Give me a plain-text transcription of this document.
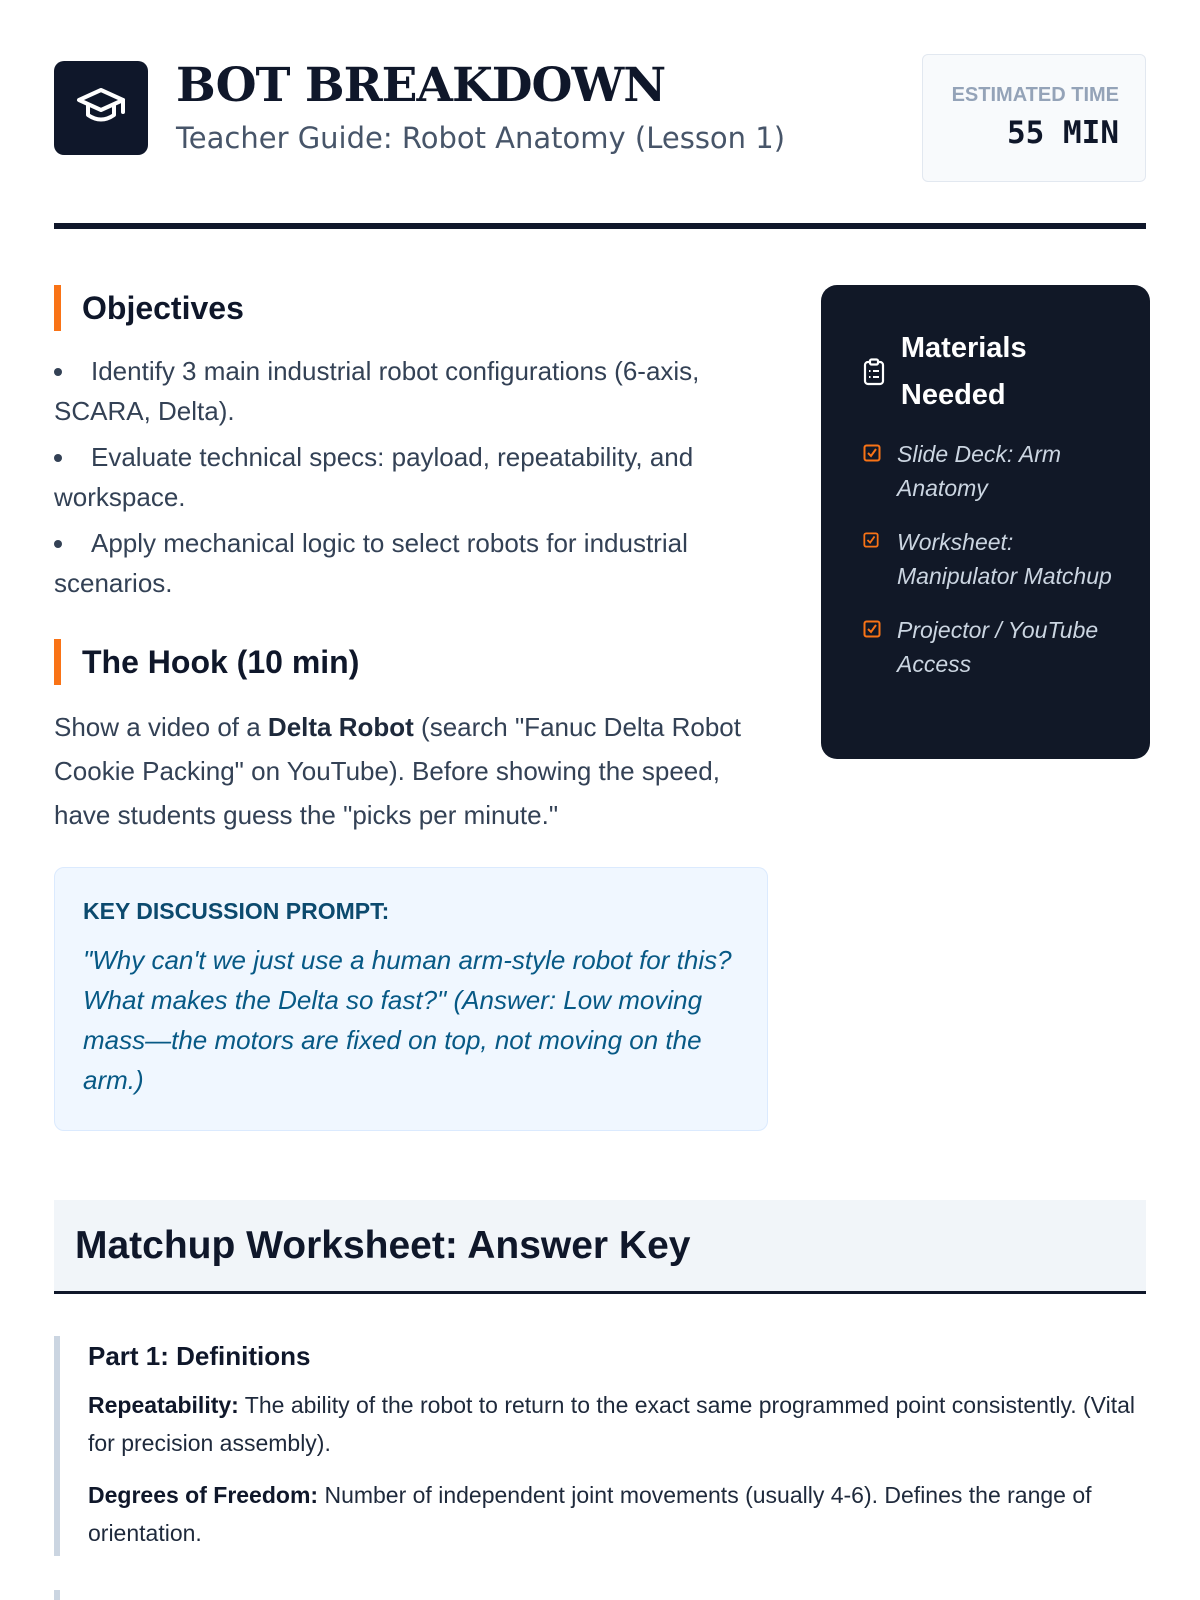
BOT BREAKDOWN
Teacher Guide: Robot Anatomy (Lesson 1)
ESTIMATED TIME
55 MIN
Objectives
Identify 3 main industrial robot configurations (6-axis, SCARA, Delta).
Evaluate technical specs: payload, repeatability, and workspace.
Apply mechanical logic to select robots for industrial scenarios.
The Hook (10 min)
Show a video of a Delta Robot (search "Fanuc Delta Robot Cookie Packing" on YouTube). Before showing the speed, have students guess the "picks per minute."
KEY DISCUSSION PROMPT:
"Why can't we just use a human arm-style robot for this? What makes the Delta so fast?" (Answer: Low moving mass—the motors are fixed on top, not moving on the arm.)
Materials Needed
Slide Deck: Arm Anatomy
Worksheet: Manipulator Matchup
Projector / YouTube Access
Matchup Worksheet: Answer Key
Part 1: Definitions
Repeatability: The ability of the robot to return to the exact same programmed point consistently. (Vital for precision assembly).
Degrees of Freedom: Number of independent joint movements (usually 4-6). Defines the range of orientation.
